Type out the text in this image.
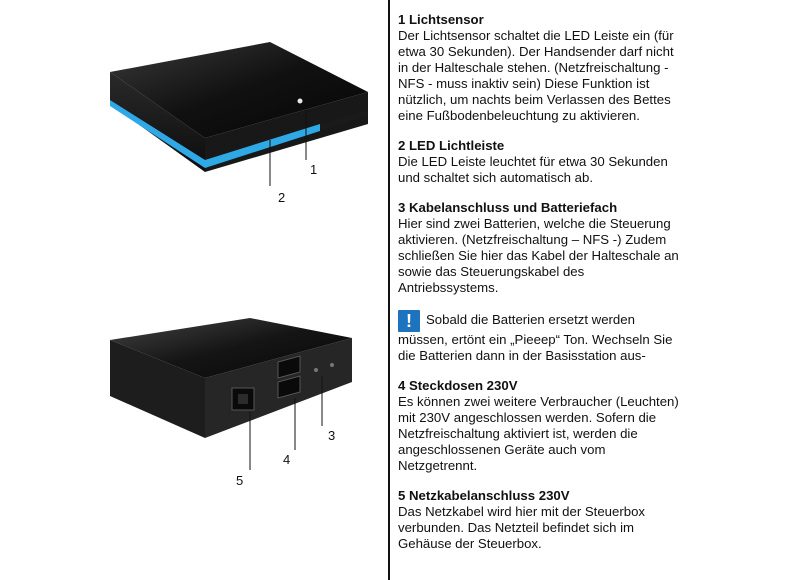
2
1
3
4
5
1 Lichtsensor

Der Lichtsensor schaltet die LED Leiste ein (für
etwa 30 Sekunden). Der Handsender darf nicht
in der Halteschale stehen. (Netzfreischaltung -
NFS - muss inaktiv sein) Diese Funktion ist
nützlich, um nachts beim Verlassen des Bettes
eine Fußbodenbeleuchtung zu aktivieren.

2 LED Lichtleiste

Die LED Leiste leuchtet für etwa 30 Sekunden
und schaltet sich automatisch ab.

3 Kabelanschluss und Batteriefach

Hier sind zwei Batterien, welche die Steuerung
aktivieren. (Netzfreischaltung – NFS -) Zudem
schließen Sie hier das Kabel der Halteschale an
sowie das Steuerungskabel des
Antriebssystems.

! Sobald die Batterien ersetzt werden
müssen, ertönt ein „Pieeep“ Ton. Wechseln Sie
die Batterien dann in der Basisstation aus-

4 Steckdosen 230V

Es können zwei weitere Verbraucher (Leuchten)
mit 230V angeschlossen werden. Sofern die
Netzfreischaltung aktiviert ist, werden die
angeschlossenen Geräte auch vom
Netzgetrennt.

5 Netzkabelanschluss 230V

Das Netzkabel wird hier mit der Steuerbox
verbunden. Das Netzteil befindet sich im
Gehäuse der Steuerbox.
